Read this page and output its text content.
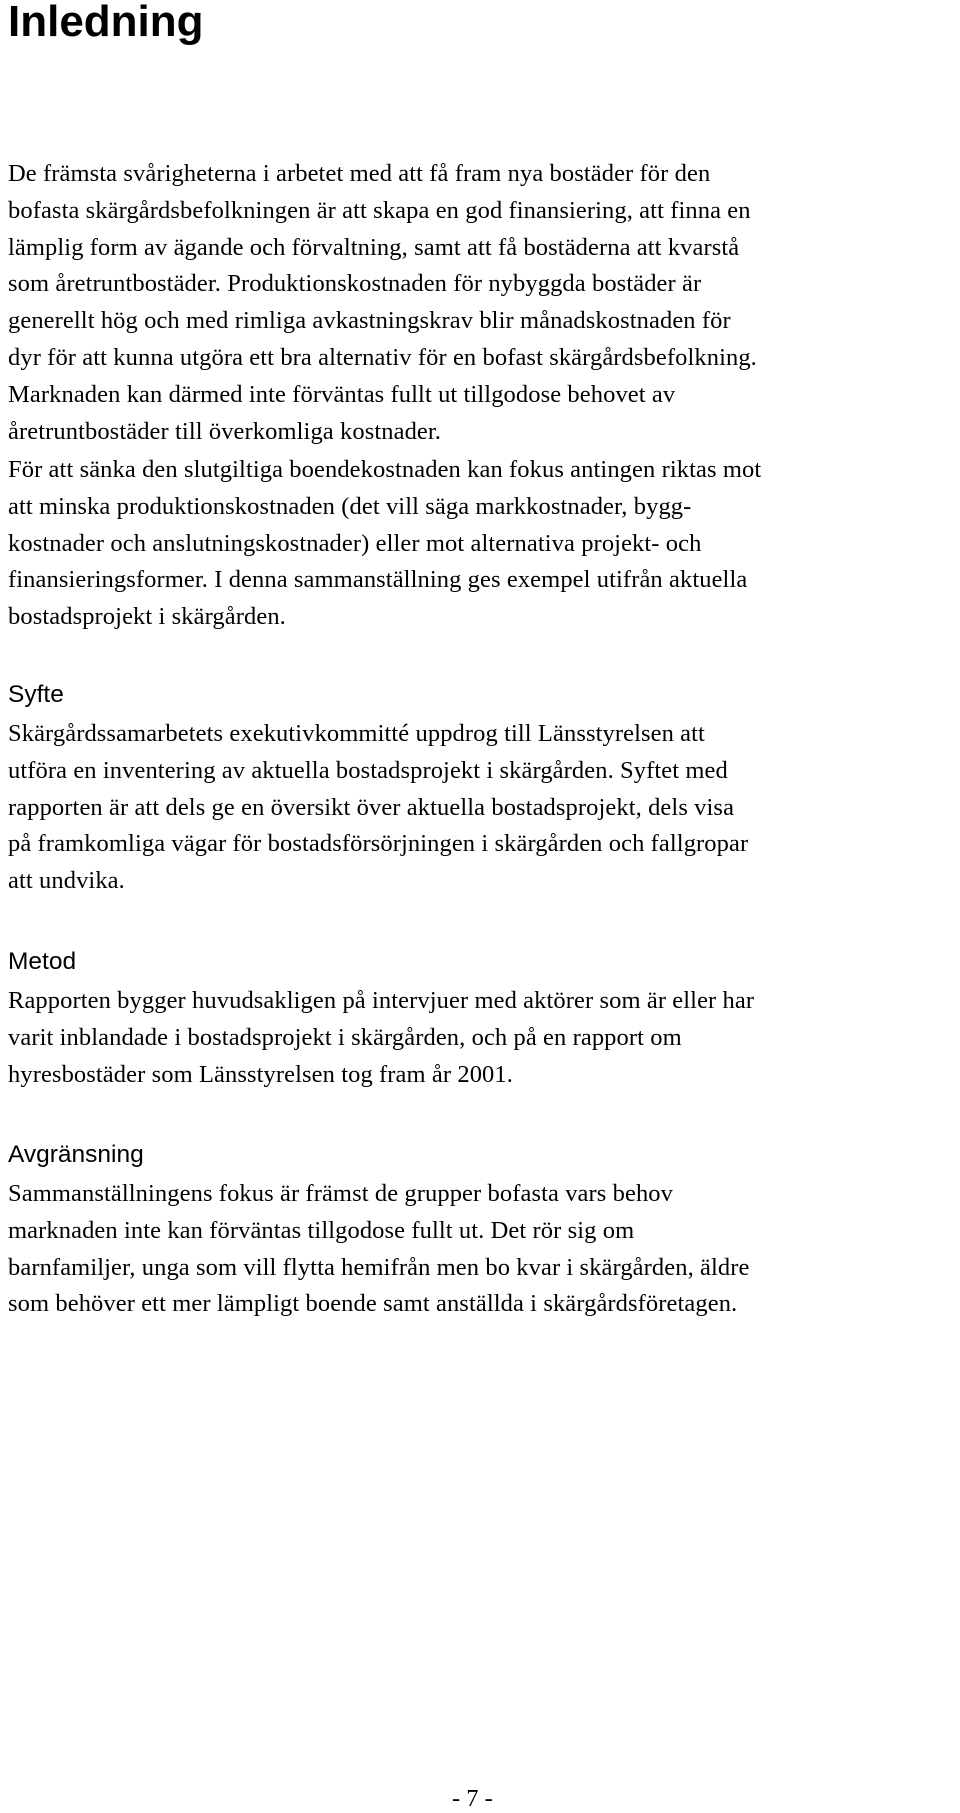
Inledning

De främsta svårigheterna i arbetet med att få fram nya bostäder för den
bofasta skärgårdsbefolkningen är att skapa en god finansiering, att finna en
lämplig form av ägande och förvaltning, samt att få bostäderna att kvarstå
som åretruntbostäder. Produktionskostnaden för nybyggda bostäder är
generellt hög och med rimliga avkastningskrav blir månadskostnaden för
dyr för att kunna utgöra ett bra alternativ för en bofast skärgårdsbefolkning.
Marknaden kan därmed inte förväntas fullt ut tillgodose behovet av
åretruntbostäder till överkomliga kostnader.

För att sänka den slutgiltiga boendekostnaden kan fokus antingen riktas mot
att minska produktionskostnaden (det vill säga markkostnader, bygg-
kostnader och anslutningskostnader) eller mot alternativa projekt- och
finansieringsformer. I denna sammanställning ges exempel utifrån aktuella
bostadsprojekt i skärgården.

Syfte

Skärgårdssamarbetets exekutivkommitté uppdrog till Länsstyrelsen att
utföra en inventering av aktuella bostadsprojekt i skärgården. Syftet med
rapporten är att dels ge en översikt över aktuella bostadsprojekt, dels visa
på framkomliga vägar för bostadsförsörjningen i skärgården och fallgropar
att undvika.

Metod

Rapporten bygger huvudsakligen på intervjuer med aktörer som är eller har
varit inblandade i bostadsprojekt i skärgården, och på en rapport om
hyresbostäder som Länsstyrelsen tog fram år 2001.

Avgränsning

Sammanställningens fokus är främst de grupper bofasta vars behov
marknaden inte kan förväntas tillgodose fullt ut. Det rör sig om
barnfamiljer, unga som vill flytta hemifrån men bo kvar i skärgården, äldre
som behöver ett mer lämpligt boende samt anställda i skärgårdsföretagen.

- 7 -
